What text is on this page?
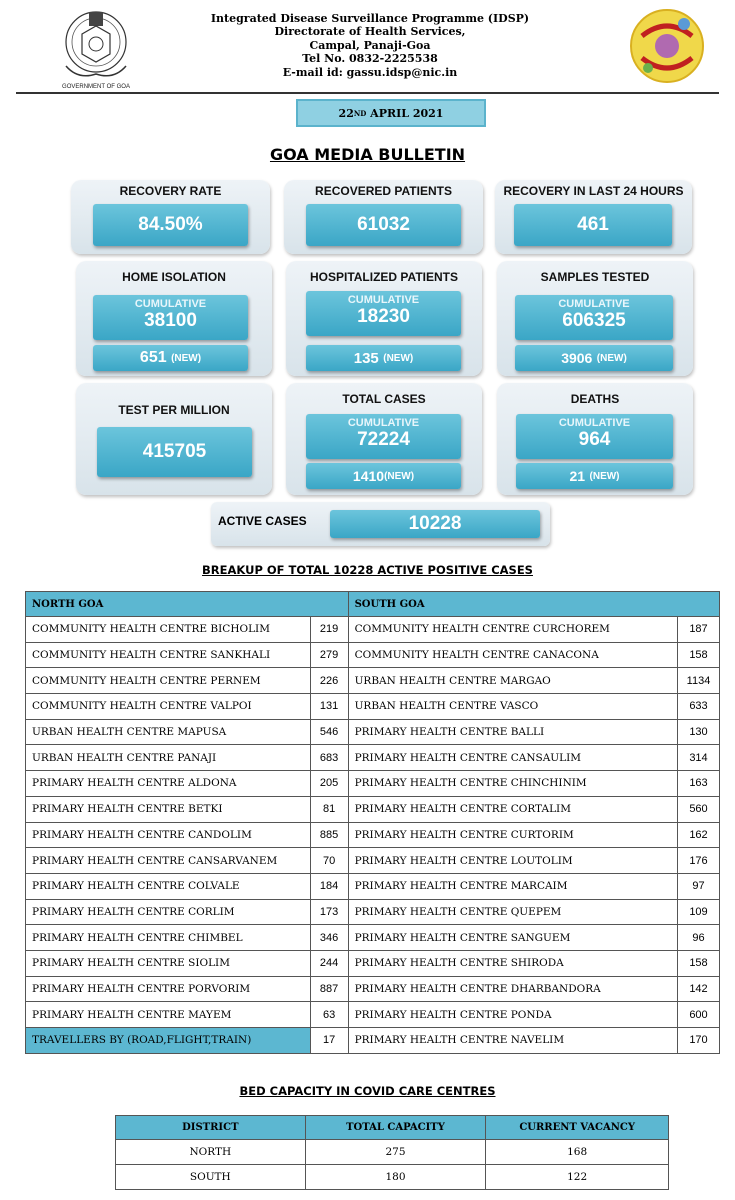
GOVERNMENT OF GOA
Integrated Disease Surveillance Programme (IDSP)
Directorate of Health Services,
Campal, Panaji-Goa
Tel No. 0832-2225538
E-mail id: gassu.idsp@nic.in
22 ND APRIL 2021
GOA MEDIA BULLETIN
RECOVERY RATE
84.50%
RECOVERED PATIENTS
61032
RECOVERY IN LAST 24 HOURS
461
HOME ISOLATION
CUMULATIVE
38100
651
(NEW)
HOSPITALIZED PATIENTS
CUMULATIVE
18230
135
(NEW)
SAMPLES TESTED
CUMULATIVE
606325
3906
(NEW)
TEST PER MILLION
415705
TOTAL CASES
CUMULATIVE
72224
1410 (NEW)
DEATHS
CUMULATIVE
964
21
(NEW)
ACTIVE CASES	10228
BREAKUP OF TOTAL 10228 ACTIVE POSITIVE CASES
NORTH GOA		SOUTH GOA	
COMMUNITY HEALTH CENTRE BICHOLIM	219	COMMUNITY HEALTH CENTRE CURCHOREM	187
COMMUNITY HEALTH CENTRE SANKHALI	279	COMMUNITY HEALTH CENTRE CANACONA	158
COMMUNITY HEALTH CENTRE PERNEM	226	URBAN HEALTH CENTRE MARGAO	1134
COMMUNITY HEALTH CENTRE VALPOI	131	URBAN HEALTH CENTRE VASCO	633
URBAN HEALTH CENTRE MAPUSA	546	PRIMARY HEALTH CENTRE BALLI	130
URBAN HEALTH CENTRE PANAJI	683	PRIMARY HEALTH CENTRE CANSAULIM	314
PRIMARY HEALTH CENTRE ALDONA	205	PRIMARY HEALTH CENTRE CHINCHINIM	163
PRIMARY HEALTH CENTRE BETKI	81	PRIMARY HEALTH CENTRE CORTALIM	560
PRIMARY HEALTH CENTRE CANDOLIM	885	PRIMARY HEALTH CENTRE CURTORIM	162
PRIMARY HEALTH CENTRE CANSARVANEM	70	PRIMARY HEALTH CENTRE LOUTOLIM	176
PRIMARY HEALTH CENTRE COLVALE	184	PRIMARY HEALTH CENTRE MARCAIM	97
PRIMARY HEALTH CENTRE CORLIM	173	PRIMARY HEALTH CENTRE QUEPEM	109
PRIMARY HEALTH CENTRE CHIMBEL	346	PRIMARY HEALTH CENTRE SANGUEM	96
PRIMARY HEALTH CENTRE SIOLIM	244	PRIMARY HEALTH CENTRE SHIRODA	158
PRIMARY HEALTH CENTRE PORVORIM	887	PRIMARY HEALTH CENTRE DHARBANDORA	142
PRIMARY HEALTH CENTRE MAYEM	63	PRIMARY HEALTH CENTRE PONDA	600
TRAVELLERS BY (ROAD,FLIGHT,TRAIN)	17	PRIMARY HEALTH CENTRE NAVELIM	170
BED CAPACITY IN COVID CARE CENTRES
DISTRICT	TOTAL CAPACITY	CURRENT VACANCY
NORTH	275	168
SOUTH	180	122
